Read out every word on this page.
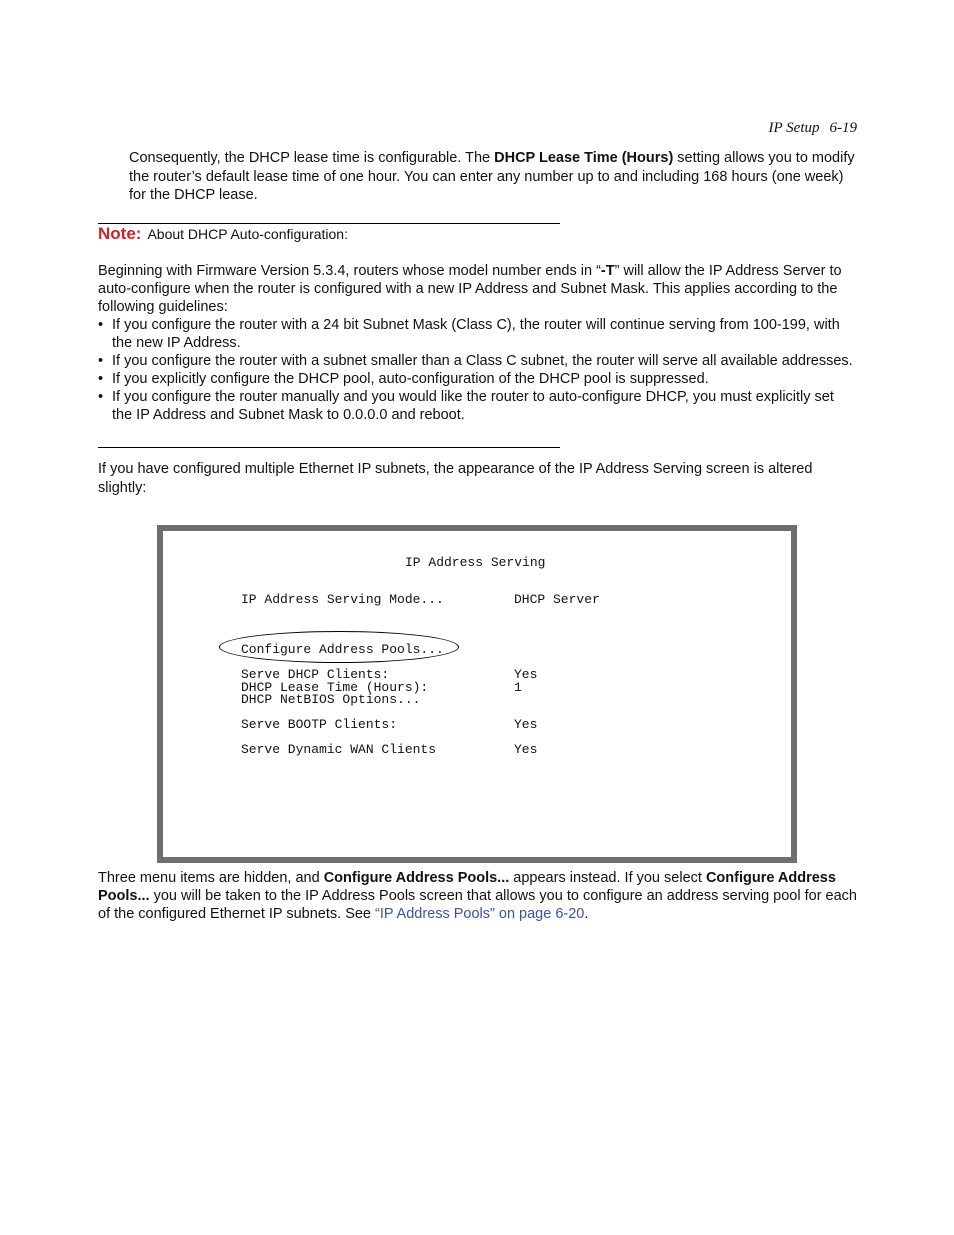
IP Setup 6-19
Consequently, the DHCP lease time is configurable. The DHCP Lease Time (Hours) setting allows you to modify the router’s default lease time of one hour. You can enter any number up to and including 168 hours (one week) for the DHCP lease.
Note: About DHCP Auto-configuration:
Beginning with Firmware Version 5.3.4, routers whose model number ends in “-T” will allow the IP Address Server to auto-configure when the router is configured with a new IP Address and Subnet Mask. This applies according to the following guidelines:
• If you configure the router with a 24 bit Subnet Mask (Class C), the router will continue serving from 100-199, with the new IP Address.
• If you configure the router with a subnet smaller than a Class C subnet, the router will serve all available addresses.
• If you explicitly configure the DHCP pool, auto-configuration of the DHCP pool is suppressed.
• If you configure the router manually and you would like the router to auto-configure DHCP, you must explicitly set the IP Address and Subnet Mask to 0.0.0.0 and reboot.
If you have configured multiple Ethernet IP subnets, the appearance of the IP Address Serving screen is altered slightly:
IP Address Serving
IP Address Serving Mode...	DHCP Server
Configure Address Pools...
Serve DHCP Clients:	Yes
DHCP Lease Time (Hours):	1
DHCP NetBIOS Options...
Serve BOOTP Clients:	Yes
Serve Dynamic WAN Clients	Yes
Three menu items are hidden, and Configure Address Pools... appears instead. If you select Configure Address Pools... you will be taken to the IP Address Pools screen that allows you to configure an address serving pool for each of the configured Ethernet IP subnets. See “IP Address Pools” on page 6-20.
